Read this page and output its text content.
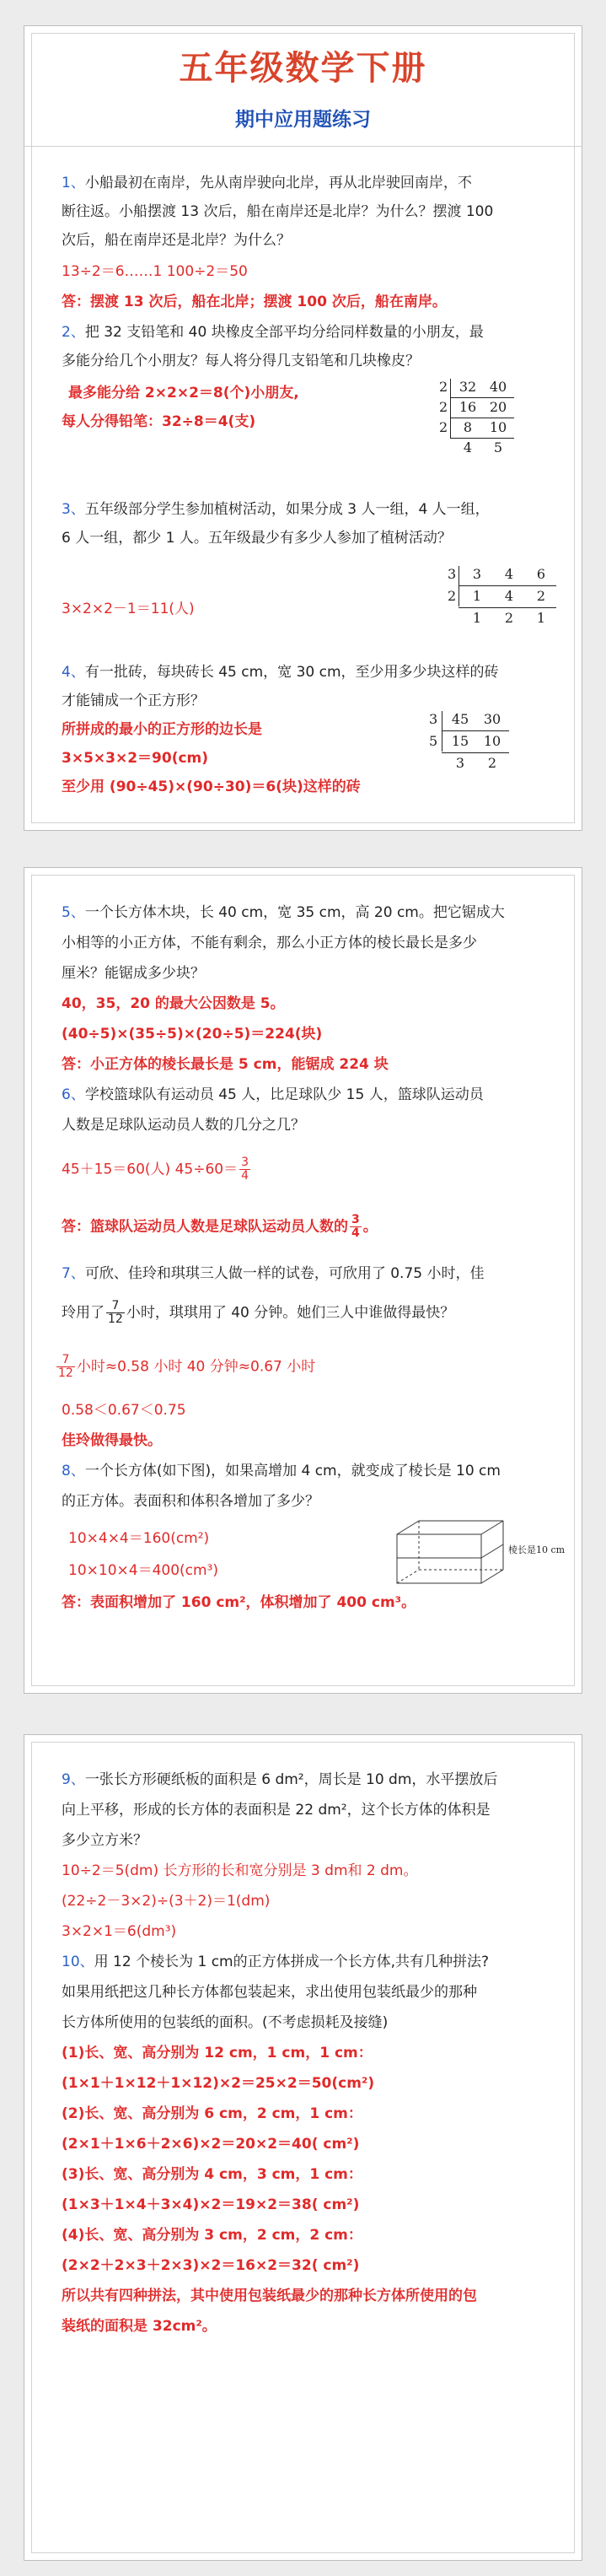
五年级数学下册
期中应用题练习
1、小船最初在南岸，先从南岸驶向北岸，再从北岸驶回南岸，不
断往返。小船摆渡 13 次后，船在南岸还是北岸？为什么？摆渡 100
次后，船在南岸还是北岸？为什么？
13÷2＝6……1 100÷2＝50
答：摆渡 13 次后，船在北岸；摆渡 100 次后，船在南岸。
2、把 32 支铅笔和 40 块橡皮全部平均分给同样数量的小朋友，最
多能分给几个小朋友？每人将分得几支铅笔和几块橡皮？
最多能分给 2×2×2＝8(个)小朋友,
每人分得铅笔：32÷8＝4(支)
2 32 40
2 16 20
2 8 10
4 5
3、五年级部分学生参加植树活动，如果分成 3 人一组，4 人一组，
6 人一组，都少 1 人。五年级最少有多少人参加了植树活动？
3×2×2－1＝11(人)
3 3 4 6
2 1 4 2
1 2 1
4、有一批砖，每块砖长 45 cm，宽 30 cm，至少用多少块这样的砖
才能铺成一个正方形？
所拼成的最小的正方形的边长是
3×5×3×2＝90(cm)
至少用 (90÷45)×(90÷30)＝6(块)这样的砖
3 45 30
5 15 10
3 2
5、一个长方体木块，长 40 cm，宽 35 cm，高 20 cm。把它锯成大
小相等的小正方体，不能有剩余，那么小正方体的棱长最长是多少
厘米？能锯成多少块？
40，35，20 的最大公因数是 5。
(40÷5)×(35÷5)×(20÷5)＝224(块)
答：小正方体的棱长最长是 5 cm，能锯成 224 块
6、学校篮球队有运动员 45 人，比足球队少 15 人，篮球队运动员
人数是足球队运动员人数的几分之几？
45＋15＝60(人) $45\div 60= \frac{3}{4}$
答：篮球队运动员人数是足球队运动员人数的 $\frac{3}{4}$ 。
7、可欣、佳玲和琪琪三人做一样的试卷，可欣用了 0.75 小时，佳
玲用了 $\frac{7}{12}$ 小时，琪琪用了 40 分钟。她们三人中谁做得最快？
$\frac{7}{12}$ 小时≈0.58 小时 40 分钟≈0.67 小时
0.58＜0.67＜0.75
佳玲做得最快。
8、一个长方体(如下图)，如果高增加 4 cm，就变成了棱长是 10 cm
的正方体。表面积和体积各增加了多少？
10×4×4＝160(cm²)
10×10×4＝400(cm³)
答：表面积增加了 160 cm²，体积增加了 400 cm³。
棱长是10 cm
9、一张长方形硬纸板的面积是 6 dm²，周长是 10 dm，水平摆放后
向上平移，形成的长方体的表面积是 22 dm²，这个长方体的体积是
多少立方米？
10÷2＝5(dm) 长方形的长和宽分别是 3 dm和 2 dm。
(22÷2－3×2)÷(3＋2)＝1(dm)
3×2×1＝6(dm³)
10、用 12 个棱长为 1 cm的正方体拼成一个长方体,共有几种拼法?
如果用纸把这几种长方体都包装起来，求出使用包装纸最少的那种
长方体所使用的包装纸的面积。(不考虑损耗及接缝)
(1)长、宽、高分别为 12 cm，1 cm，1 cm：
(1×1＋1×12＋1×12)×2＝25×2＝50(cm²)
(2)长、宽、高分别为 6 cm，2 cm，1 cm：
(2×1＋1×6＋2×6)×2＝20×2＝40( cm²)
(3)长、宽、高分别为 4 cm，3 cm，1 cm：
(1×3＋1×4＋3×4)×2＝19×2＝38( cm²)
(4)长、宽、高分别为 3 cm，2 cm，2 cm：
(2×2＋2×3＋2×3)×2＝16×2＝32( cm²)
所以共有四种拼法，其中使用包装纸最少的那种长方体所使用的包
装纸的面积是 32cm²。
